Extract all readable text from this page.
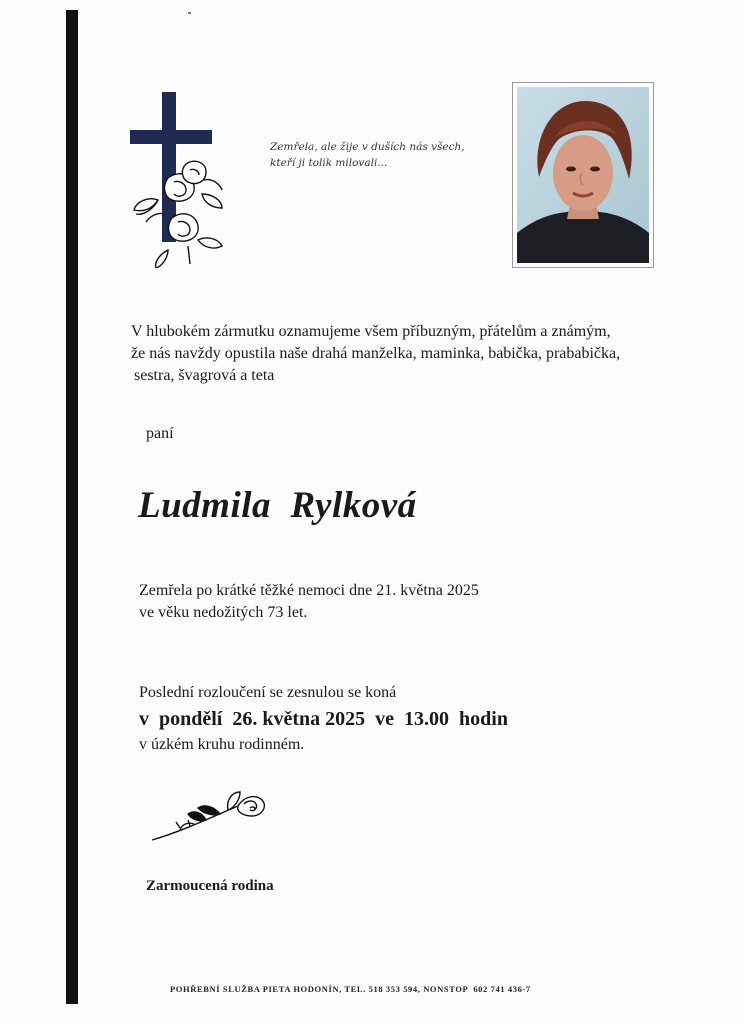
Zemřela, ale žije v duších nás všech,
kteří ji tolik milovali...
V hlubokém zármutku oznamujeme všem příbuzným, přátelům a známým,
že nás navždy opustila naše drahá manželka, maminka, babička, prababička,
sestra, švagrová a teta
paní
Ludmila  Rylková
Zemřela po krátké těžké nemoci dne 21. května 2025
ve věku nedožitých 73 let.
Poslední rozloučení se zesnulou se koná
v  pondělí  26. května 2025  ve  13.00  hodin
v úzkém kruhu rodinném.
Zarmoucená rodina
POHŘEBNÍ SLUŽBA PIETA HODONÍN, TEL. 518 353 594, NONSTOP  602 741 436-7
